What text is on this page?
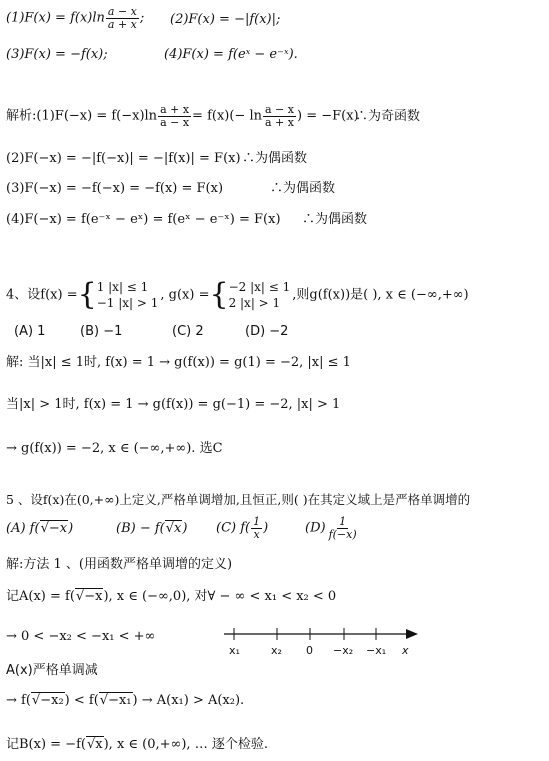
$(1)F(x) = f(x)\ln \frac{a - x}{a + x}$ ; (2)F(x) = −|f(x)|;
(3)F(x) = −f(x);	(4)F(x) = f(eˣ − e⁻ˣ).
解析:(1)F(−x) = $f(-x)\ln \frac{a + x}{a - x} = f(x)(- \ln \frac{a - x}{a + x}$ ) = −F(x)
∴为奇函数
(2)F(−x) = −|f(−x)| = −|f(x)| = F(x) ∴为偶函数
(3)F(−x) = −f(−x) = −f(x) = F(x)	∴为偶函数
(4)F(−x) = f(e⁻ˣ − eˣ) = f(eˣ − e⁻ˣ) = F(x) ∴为偶函数
4、设f(x) ={ 1 |x| ≤ 1
−1 |x| > 1
, g(x) ={ −2 |x| ≤ 1
2 |x| > 1
,则g(f(x))是( ), x ∈ (−∞,+∞)
(A) 1	(B) −1	(C) 2	(D) −2
解: 当|x| ≤ 1时, f(x) = 1 → g(f(x)) = g(1) = −2, |x| ≤ 1
当|x| > 1时, f(x) = 1 → g(f(x)) = g(−1) = −2, |x| > 1
→ g(f(x)) = −2, x ∈ (−∞,+∞). 选C
5 、设f(x)在(0,+∞)上定义,严格单调增加,且恒正,则( )在其定义域上是严格单调增的
(A) f(√−x)	(B) − f(√x) (C) $f( \frac{1}{x}$ )	$(D) \frac{1}{f(-x)}$
解:方法 1 、(用函数严格单调增的定义)
记A(x) = f(√−x), x ∈ (−∞,0), 对∀ − ∞ < x₁ < x₂ < 0
→ 0 < −x₂ < −x₁ < +∞
x₁	x₂ 0 −x₂ −x₁ x
A(x)严格单调减
→ f(√−x₂) < f(√−x₁) → A(x₁) > A(x₂).
记B(x) = −f(√x), x ∈ (0,+∞), … 逐个检验.
